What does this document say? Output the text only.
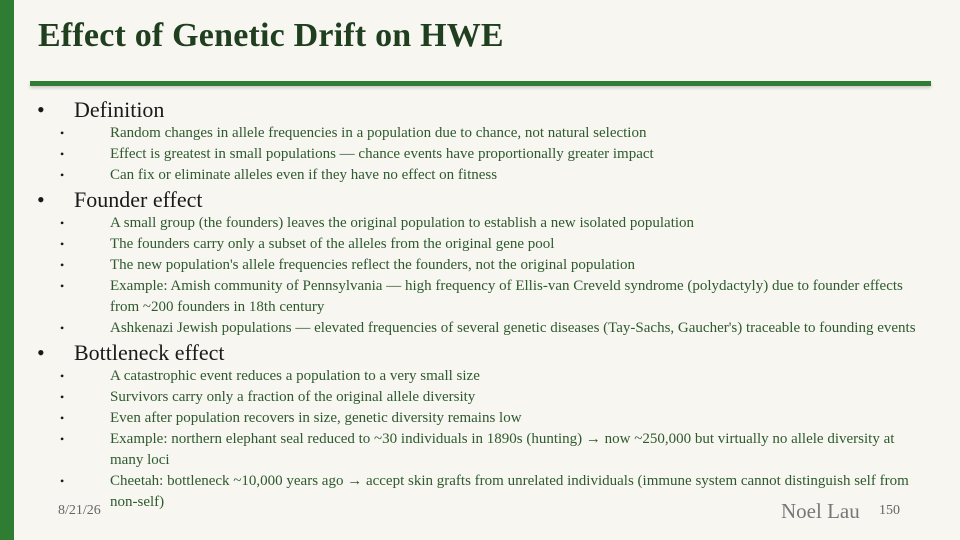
Effect of Genetic Drift on HWE
• Definition
•	Random changes in allele frequencies in a population due to chance, not natural selection
•	Effect is greatest in small populations — chance events have proportionally greater impact
•	Can fix or eliminate alleles even if they have no effect on fitness
• Founder effect
•	A small group (the founders) leaves the original population to establish a new isolated population
•	The founders carry only a subset of the alleles from the original gene pool
•	The new population's allele frequencies reflect the founders, not the original population
•	Example: Amish community of Pennsylvania — high frequency of Ellis-van Creveld syndrome (polydactyly) due to founder effects from ~200 founders in 18th century
•	Ashkenazi Jewish populations — elevated frequencies of several genetic diseases (Tay-Sachs, Gaucher's) traceable to founding events
• Bottleneck effect
•	A catastrophic event reduces a population to a very small size
•	Survivors carry only a fraction of the original allele diversity
•	Even after population recovers in size, genetic diversity remains low
•	Example: northern elephant seal reduced to ~30 individuals in 1890s (hunting) → now ~250,000 but virtually no allele diversity at many loci
•	Cheetah: bottleneck ~10,000 years ago → accept skin grafts from unrelated individuals (immune system cannot distinguish self from non-self)
8/21/26	Noel Lau 150
